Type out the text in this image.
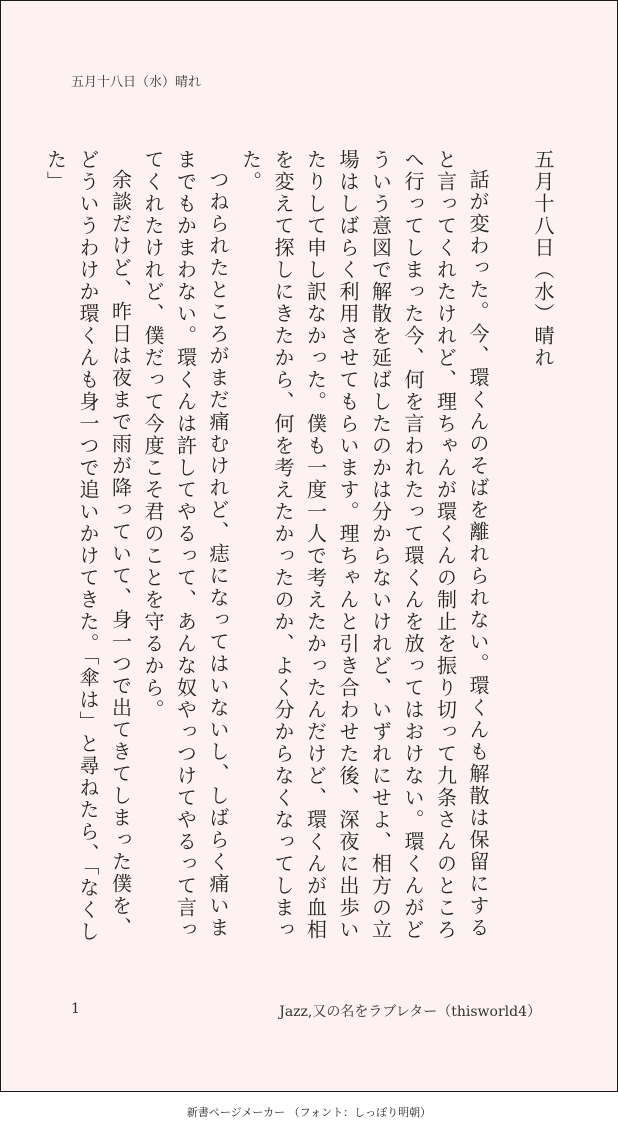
五月十八日（水）晴れ

五月十八日（水）晴れ

話が変わった。今、環くんのそばを離れられない。環くんも解散は保留にすると言ってくれたけれど、理ちゃんが環くんの制止を振り切って九条さんのところへ行ってしまった今、何を言われたって環くんを放ってはおけない。環くんがどういう意図で解散を延ばしたのかは分からないけれど、いずれにせよ、相方の立場はしばらく利用させてもらいます。理ちゃんと引き合わせた後、深夜に出歩いたりして申し訳なかった。僕も一度一人で考えたかったんだけど、環くんが血相を変えて探しにきたから、何を考えたかったのか、よく分からなくなってしまった。

つねられたところがまだ痛むけれど、痣になってはいないし、しばらく痛いままでもかまわない。環くんは許してやるって、あんな奴やっつけてやるって言ってくれたけれど、僕だって今度こそ君のことを守るから。

余談だけど、昨日は夜まで雨が降っていて、身一つで出てきてしまった僕を、どういうわけか環くんも身一つで追いかけてきた。「傘は」と尋ねたら、「なくした」

1	Jazz,又の名をラブレター（thisworld4）
新書ページメーカー （フォント：しっぽり明朝）
